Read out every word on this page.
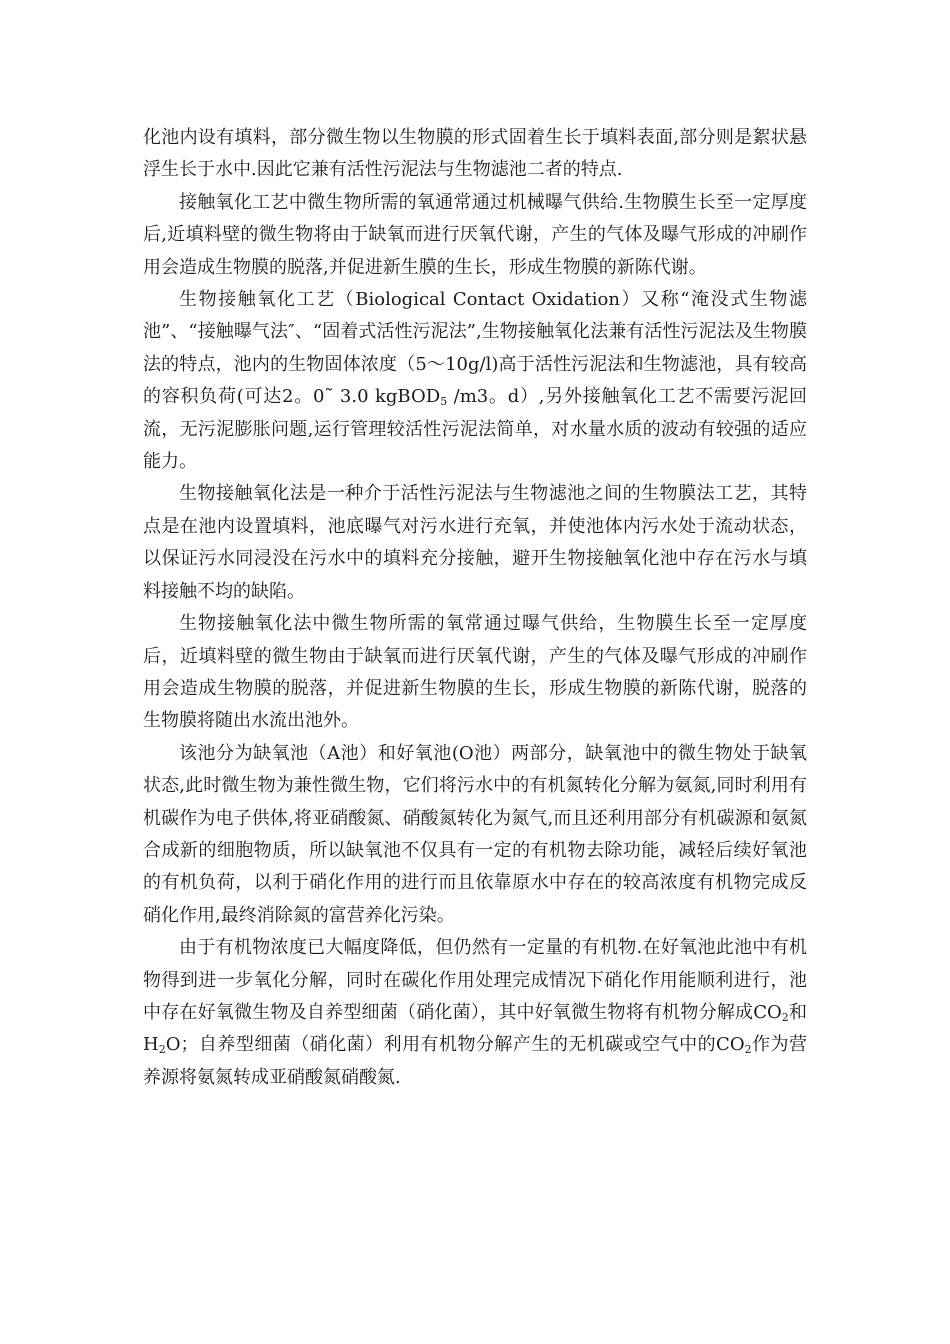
化池内设有填料，部分微生物以生物膜的形式固着生长于填料表面,部分则是絮状悬浮生长于水中.因此它兼有活性污泥法与生物滤池二者的特点.

接触氧化工艺中微生物所需的氧通常通过机械曝气供给.生物膜生长至一定厚度后,近填料壁的微生物将由于缺氧而进行厌氧代谢，产生的气体及曝气形成的冲刷作用会造成生物膜的脱落,并促进新生膜的生长，形成生物膜的新陈代谢。

生物接触氧化工艺（Biological Contact Oxidation）又称“淹没式生物滤池”、“接触曝气法″、“固着式活性污泥法”,生物接触氧化法兼有活性污泥法及生物膜法的特点，池内的生物固体浓度（5～10g/l)高于活性污泥法和生物滤池，具有较高的容积负荷(可达2。0˜ 3.0 kgBOD$_5$ /m3。d）,另外接触氧化工艺不需要污泥回流，无污泥膨胀问题,运行管理较活性污泥法简单，对水量水质的波动有较强的适应能力。

生物接触氧化法是一种介于活性污泥法与生物滤池之间的生物膜法工艺，其特点是在池内设置填料，池底曝气对污水进行充氧，并使池体内污水处于流动状态，以保证污水同浸没在污水中的填料充分接触，避开生物接触氧化池中存在污水与填料接触不均的缺陷。

生物接触氧化法中微生物所需的氧常通过曝气供给，生物膜生长至一定厚度后，近填料壁的微生物由于缺氧而进行厌氧代谢，产生的气体及曝气形成的冲刷作用会造成生物膜的脱落，并促进新生物膜的生长，形成生物膜的新陈代谢，脱落的生物膜将随出水流出池外。

该池分为缺氧池（A池）和好氧池(O池）两部分，缺氧池中的微生物处于缺氧状态,此时微生物为兼性微生物，它们将污水中的有机氮转化分解为氨氮,同时利用有机碳作为电子供体,将亚硝酸氮、硝酸氮转化为氮气,而且还利用部分有机碳源和氨氮合成新的细胞物质，所以缺氧池不仅具有一定的有机物去除功能，减轻后续好氧池的有机负荷，以利于硝化作用的进行而且依靠原水中存在的较高浓度有机物完成反硝化作用,最终消除氮的富营养化污染。

由于有机物浓度已大幅度降低，但仍然有一定量的有机物.在好氧池此池中有机物得到进一步氧化分解，同时在碳化作用处理完成情况下硝化作用能顺利进行，池中存在好氧微生物及自养型细菌（硝化菌），其中好氧微生物将有机物分解成$CO_2$和$H_2O$；自养型细菌（硝化菌）利用有机物分解产生的无机碳或空气中的$CO_2$作为营养源将氨氮转成亚硝酸氮硝酸氮.
